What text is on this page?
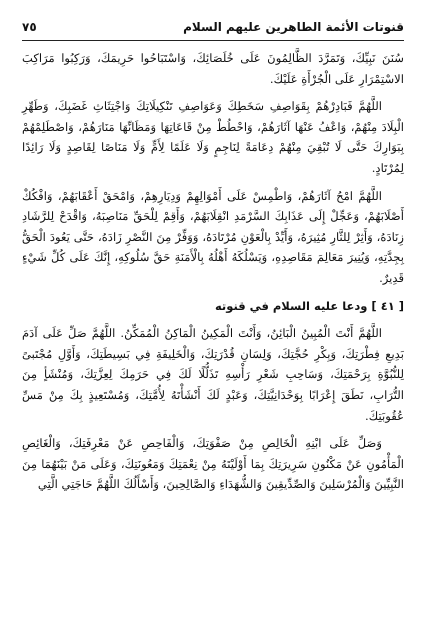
قنوتات الأئمة الطاهرين عليهم السلام
٧٥

سُنَنَ نَبِيِّكَ، وَتَمَرَّدَ الظَّالِمُونَ عَلَى خُلَصَائِكَ، وَاسْتَبَاحُوا حَرِيمَكَ، وَرَكِبُوا مَرَاكِبَ الاسْتِمْرَارِ عَلَى الْجُرْأَةِ عَلَيْكَ.

اللَّهُمَّ فَبَادِرْهُمْ بِقَوَاصِفِ سَخَطِكَ وَعَوَاصِفِ تَنْكِيلَاتِكَ وَاجْتِثَاثِ غَضَبِكَ، وَطَهِّرِ الْبِلَادَ مِنْهُمْ، وَاعْفُ عَنْهَا آثَارَهُمْ، وَاحْطُطْ مِنْ قَاعَاتِهَا وَمَظَانِّهَا مَنَارَهُمْ، وَاصْطَلِمْهُمْ بِبَوَارِكَ حَتَّى لَا تُبْقِيَ مِنْهُمْ دِعَامَةً لِنَاجِمٍ وَلَا عَلَمًا لِأَمٍّ وَلَا مَنَاصًا لِقَاصِدٍ وَلَا رَائِدًا لِمُرْتَادٍ.

اللَّهُمَّ امْحُ آثَارَهُمْ، وَاطْمِسْ عَلَى أَمْوَالِهِمْ وَدِيَارِهِمْ، وَامْحَقْ أَعْقَابَهُمْ، وَافْكُكْ أَصْلَابَهُمْ، وَعَجِّلْ إِلَى عَذَابِكَ السَّرْمَدِ انْقِلَابَهُمْ، وَأَقِمْ لِلْحَقِّ مَنَاصِبَهُ، وَاقْدَحْ لِلرَّشَادِ زِنَادَهُ، وَأَثِرْ لِلثَّارِ مُثِيرَهُ، وَأَيِّدْ بِالْعَوْنِ مُرْتَادَهُ، وَوَفِّرْ مِنَ النَّصْرِ زَادَهُ، حَتَّى يَعُودَ الْحَقُّ بِجِدَّتِهِ، وَيُنِيرَ مَعَالِمَ مَقَاصِدِهِ، وَيَسْلُكَهُ أَهْلُهُ بِالْأَمَنَةِ حَقَّ سُلُوكِهِ، إِنَّكَ عَلَى كُلِّ شَيْءٍ قَدِيرٌ.

[ ٤١ ] ودعا عليه السلام في قنوته

اللَّهُمَّ أَنْتَ الْمُبِينُ الْبَائِنُ، وَأَنْتَ الْمَكِينُ الْمَاكِنُ الْمُمَكِّنُ. اللَّهُمَّ صَلِّ عَلَى آدَمَ بَدِيعِ فِطْرَتِكَ، وَبِكْرِ حُجَّتِكَ، وَلِسَانِ قُدْرَتِكَ، وَالْخَلِيفَةِ فِي بَسِيطَتِكَ، وَأَوَّلِ مُجْتَبىً لِلنُّبُوَّةِ بِرَحْمَتِكَ، وَسَاحِبِ شَعْرِ رَأْسِهِ تَذَلُّلًا لَكَ فِي حَرَمِكَ لِعِزَّتِكَ، وَمُنْشَأٍ مِنَ التُّرَابِ، نَطَقَ إِعْرَابًا بِوَحْدَانِيَّتِكَ، وَعَبْدٍ لَكَ أَنْشَأْتَهُ لِأُمَّتِكَ، وَمُسْتَعِيذٍ بِكَ مِنْ مَسِّ عُقُوبَتِكَ.

وَصَلِّ عَلَى ابْنِهِ الْخَالِصِ مِنْ صَفْوَتِكَ، وَالْفَاحِصِ عَنْ مَعْرِفَتِكَ، وَالْغَائِصِ الْمَأْمُونِ عَنْ مَكْنُونِ سَرِيرَتِكَ بِمَا أَوْلَيْتَهُ مِنْ نِعْمَتِكَ وَمَعُونَتِكَ، وَعَلَى مَنْ بَيْنَهُمَا مِنَ النَّبِيِّينَ وَالْمُرْسَلِينَ وَالصِّدِّيقِينَ وَالشُّهَدَاءِ وَالصَّالِحِينَ، وَأَسْأَلُكَ اللَّهُمَّ حَاجَتِي الَّتِي
